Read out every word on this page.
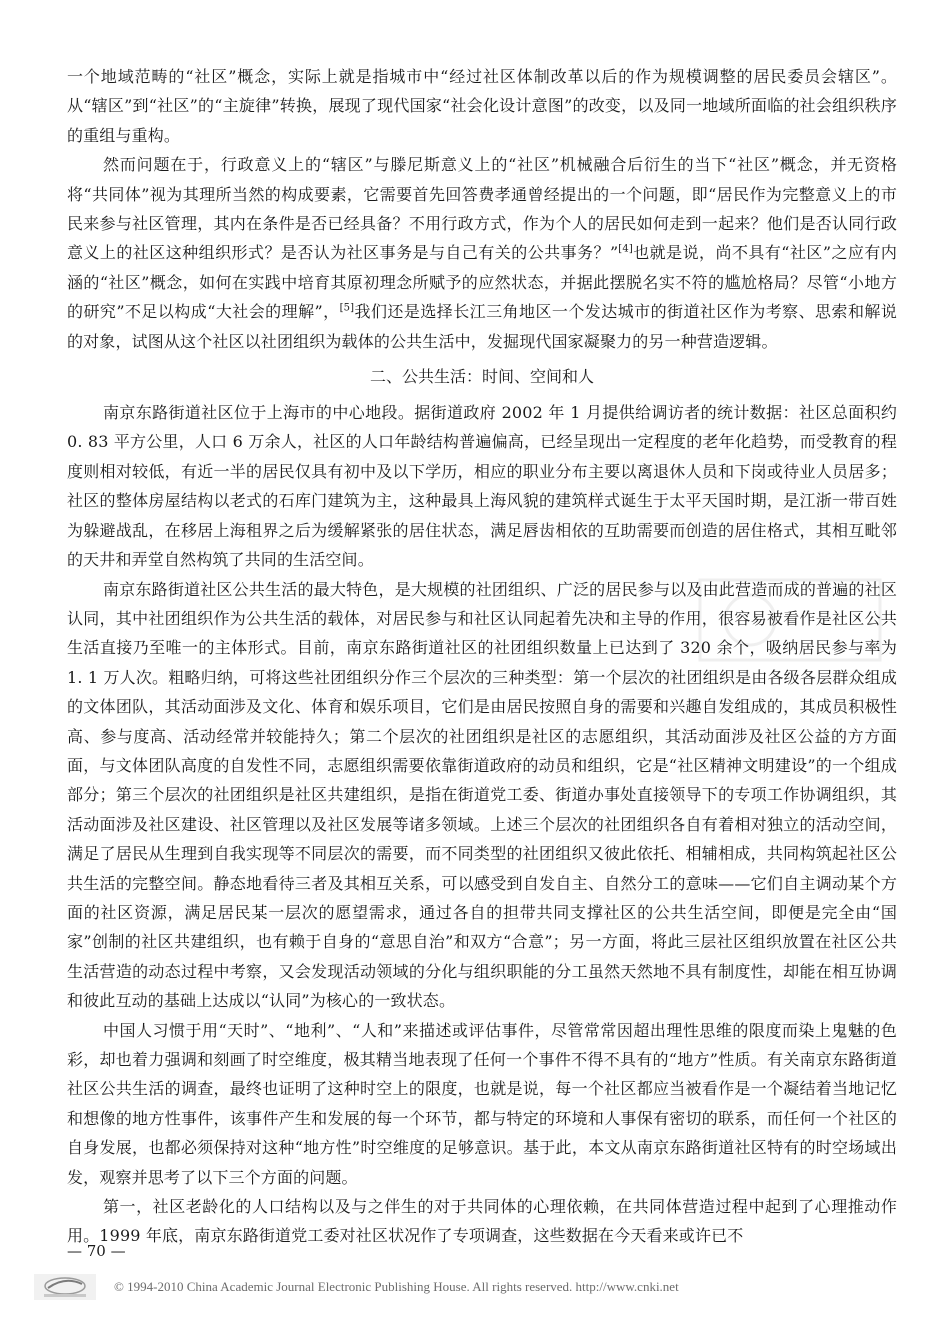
一个地域范畴的“社区”概念，实际上就是指城市中“经过社区体制改革以后的作为规模调整的居民委员会辖区”。从“辖区”到“社区”的“主旋律”转换，展现了现代国家“社会化设计意图”的改变，以及同一地域所面临的社会组织秩序的重组与重构。

然而问题在于，行政意义上的“辖区”与滕尼斯意义上的“社区”机械融合后衍生的当下“社区”概念，并无资格将“共同体”视为其理所当然的构成要素，它需要首先回答费孝通曾经提出的一个问题，即“居民作为完整意义上的市民来参与社区管理，其内在条件是否已经具备？不用行政方式，作为个人的居民如何走到一起来？他们是否认同行政意义上的社区这种组织形式？是否认为社区事务是与自己有关的公共事务？”[4]也就是说，尚不具有“社区”之应有内涵的“社区”概念，如何在实践中培育其原初理念所赋予的应然状态，并据此摆脱名实不符的尴尬格局？尽管“小地方的研究”不足以构成“大社会的理解”，[5]我们还是选择长江三角地区一个发达城市的街道社区作为考察、思索和解说的对象，试图从这个社区以社团组织为载体的公共生活中，发掘现代国家凝聚力的另一种营造逻辑。

二、公共生活：时间、空间和人

南京东路街道社区位于上海市的中心地段。据街道政府 2002 年 1 月提供给调访者的统计数据：社区总面积约 0. 83 平方公里，人口 6 万余人，社区的人口年龄结构普遍偏高，已经呈现出一定程度的老年化趋势，而受教育的程度则相对较低，有近一半的居民仅具有初中及以下学历，相应的职业分布主要以离退休人员和下岗或待业人员居多；社区的整体房屋结构以老式的石库门建筑为主，这种最具上海风貌的建筑样式诞生于太平天国时期，是江浙一带百姓为躲避战乱，在移居上海租界之后为缓解紧张的居住状态，满足唇齿相依的互助需要而创造的居住格式，其相互毗邻的天井和弄堂自然构筑了共同的生活空间。

南京东路街道社区公共生活的最大特色，是大规模的社团组织、广泛的居民参与以及由此营造而成的普遍的社区认同，其中社团组织作为公共生活的载体，对居民参与和社区认同起着先决和主导的作用，很容易被看作是社区公共生活直接乃至唯一的主体形式。目前，南京东路街道社区的社团组织数量上已达到了 320 余个，吸纳居民参与率为 1. 1 万人次。粗略归纳，可将这些社团组织分作三个层次的三种类型：第一个层次的社团组织是由各级各层群众组成的文体团队，其活动面涉及文化、体育和娱乐项目，它们是由居民按照自身的需要和兴趣自发组成的，其成员积极性高、参与度高、活动经常并较能持久；第二个层次的社团组织是社区的志愿组织，其活动面涉及社区公益的方方面面，与文体团队高度的自发性不同，志愿组织需要依靠街道政府的动员和组织，它是“社区精神文明建设”的一个组成部分；第三个层次的社团组织是社区共建组织，是指在街道党工委、街道办事处直接领导下的专项工作协调组织，其活动面涉及社区建设、社区管理以及社区发展等诸多领域。上述三个层次的社团组织各自有着相对独立的活动空间，满足了居民从生理到自我实现等不同层次的需要，而不同类型的社团组织又彼此依托、相辅相成，共同构筑起社区公共生活的完整空间。静态地看待三者及其相互关系，可以感受到自发自主、自然分工的意味——它们自主调动某个方面的社区资源，满足居民某一层次的愿望需求，通过各自的担带共同支撑社区的公共生活空间，即便是完全由“国家”创制的社区共建组织，也有赖于自身的“意思自治”和双方“合意”；另一方面，将此三层社区组织放置在社区公共生活营造的动态过程中考察，又会发现活动领域的分化与组织职能的分工虽然天然地不具有制度性，却能在相互协调和彼此互动的基础上达成以“认同”为核心的一致状态。

中国人习惯于用“天时”、“地利”、“人和”来描述或评估事件，尽管常常因超出理性思维的限度而染上鬼魅的色彩，却也着力强调和刻画了时空维度，极其精当地表现了任何一个事件不得不具有的“地方”性质。有关南京东路街道社区公共生活的调查，最终也证明了这种时空上的限度，也就是说，每一个社区都应当被看作是一个凝结着当地记忆和想像的地方性事件，该事件产生和发展的每一个环节，都与特定的环境和人事保有密切的联系，而任何一个社区的自身发展，也都必须保持对这种“地方性”时空维度的足够意识。基于此，本文从南京东路街道社区特有的时空场域出发，观察并思考了以下三个方面的问题。

第一，社区老龄化的人口结构以及与之伴生的对于共同体的心理依赖，在共同体营造过程中起到了心理推动作用。1999 年底，南京东路街道党工委对社区状况作了专项调查，这些数据在今天看来或许已不

— 70 —
© 1994-2010 China Academic Journal Electronic Publishing House. All rights reserved. http://www.cnki.net
